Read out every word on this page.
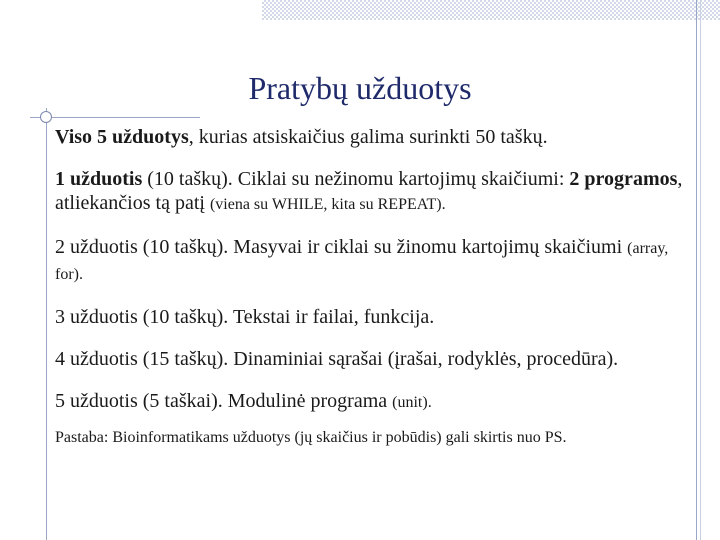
Pratybų užduotys

Viso 5 užduotys, kurias atsiskaičius galima surinkti 50 taškų.

1 užduotis (10 taškų). Ciklai su nežinomu kartojimų skaičiumi: 2 programos, atliekančios tą patį (viena su WHILE, kita su REPEAT).

2 užduotis (10 taškų). Masyvai ir ciklai su žinomu kartojimų skaičiumi (array, for).

3 užduotis (10 taškų). Tekstai ir failai, funkcija.

4 užduotis (15 taškų). Dinaminiai sąrašai (įrašai, rodyklės, procedūra).

5 užduotis (5 taškai). Modulinė programa (unit).

Pastaba: Bioinformatikams užduotys (jų skaičius ir pobūdis) gali skirtis nuo PS.
